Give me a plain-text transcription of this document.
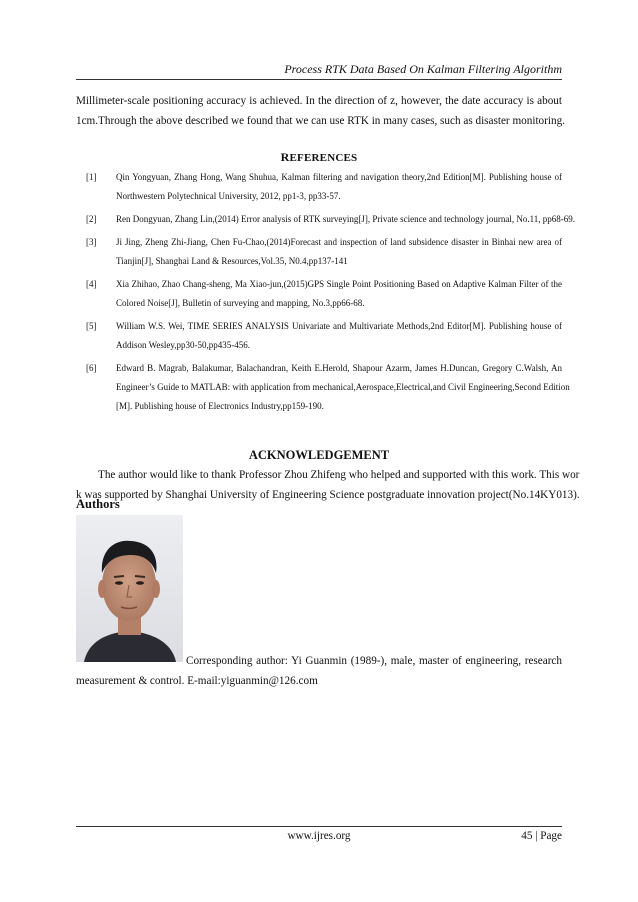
Process RTK Data Based On Kalman Filtering Algorithm
Millimeter-scale positioning accuracy is achieved. In the direction of z, however, the date accuracy is about
1cm.Through the above described we found that we can use RTK in many cases, such as disaster monitoring.
REFERENCES
[1] Qin Yongyuan, Zhang Hong, Wang Shuhua, Kalman filtering and navigation theory,2nd Edition[M]. Publishing house of
Northwestern Polytechnical University, 2012, pp1-3, pp33-57.
[2] Ren Dongyuan, Zhang Lin,(2014) Error analysis of RTK surveying[J], Private science and technology journal, No.11, pp68-69.
[3] Ji Jing, Zheng Zhi-Jiang, Chen Fu-Chao,(2014)Forecast and inspection of land subsidence disaster in Binhai new area of
Tianjin[J], Shanghai Land & Resources,Vol.35, N0.4,pp137-141
[4] Xia Zhihao, Zhao Chang-sheng, Ma Xiao-jun,(2015)GPS Single Point Positioning Based on Adaptive Kalman Filter of the
Colored Noise[J], Bulletin of surveying and mapping, No.3,pp66-68.
[5] William W.S. Wei, TIME SERIES ANALYSIS Univariate and Multivariate Methods,2nd Editor[M]. Publishing house of
Addison Wesley,pp30-50,pp435-456.
[6] Edward B. Magrab, Balakumar, Balachandran, Keith E.Herold, Shapour Azarm, James H.Duncan, Gregory C.Walsh, An
Engineer’s Guide to MATLAB: with application from mechanical,Aerospace,Electrical,and Civil Engineering,Second Edition
[M]. Publishing house of Electronics Industry,pp159-190.
ACKNOWLEDGEMENT
The author would like to thank Professor Zhou Zhifeng who helped and supported with this work. This wor
k was supported by Shanghai University of Engineering Science postgraduate innovation project(No.14KY013).
Authors
Corresponding author: Yi Guanmin (1989-), male, master of engineering, research
measurement & control. E-mail:yiguanmin@126.com
www.ijres.org	45 | Page
